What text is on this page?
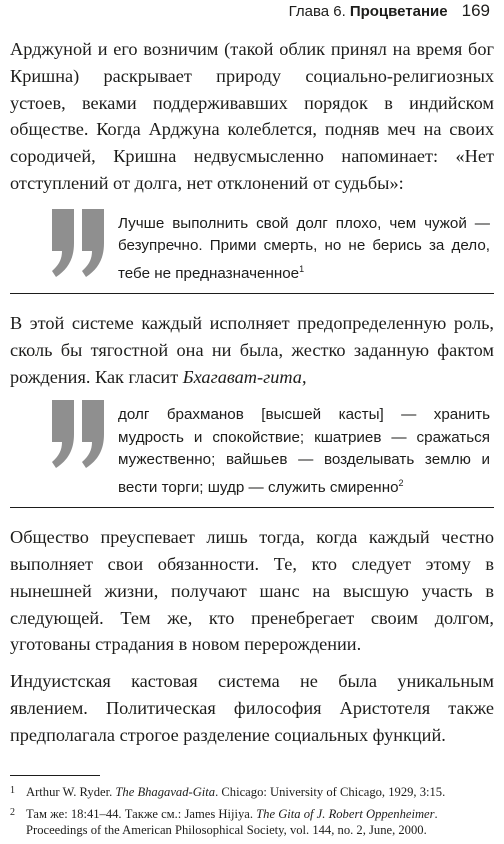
Глава 6. Процветание 169

Арджуной и его возничим (такой облик принял на время бог Кришна) раскрывает природу социально-религиозных устоев, веками поддерживавших порядок в индийском обществе. Когда Арджуна колеблется, подняв меч на своих сородичей, Кришна недвусмысленно напоминает: «Нет отступлений от долга, нет отклонений от судьбы»:

Лучше выполнить свой долг плохо, чем чужой — безупречно. Прими смерть, но не берись за дело, тебе не предназначенное$^1$

В этой системе каждый исполняет предопределенную роль, сколь бы тягостной она ни была, жестко заданную фактом рождения. Как гласит Бхагават-гита,

долг брахманов [высшей касты] — хранить мудрость и спокойствие; кшатриев — сражаться мужественно; вайшьев — возделывать землю и вести торги; шудр — служить смиренно$^2$

Общество преуспевает лишь тогда, когда каждый честно выполняет свои обязанности. Те, кто следует этому в нынешней жизни, получают шанс на высшую участь в следующей. Тем же, кто пренебрегает своим долгом, уготованы страдания в новом перерождении.

Индуистская кастовая система не была уникальным явлением. Политическая философия Аристотеля также предполагала строгое разделение социальных функций.

1 Arthur W. Ryder. The Bhagavad-Gita. Chicago: University of Chicago, 1929, 3:15.
2 Там же: 18:41–44. Также см.: James Hijiya. The Gita of J. Robert Oppenheimer. Proceedings of the American Philosophical Society, vol. 144, no. 2, June, 2000.
